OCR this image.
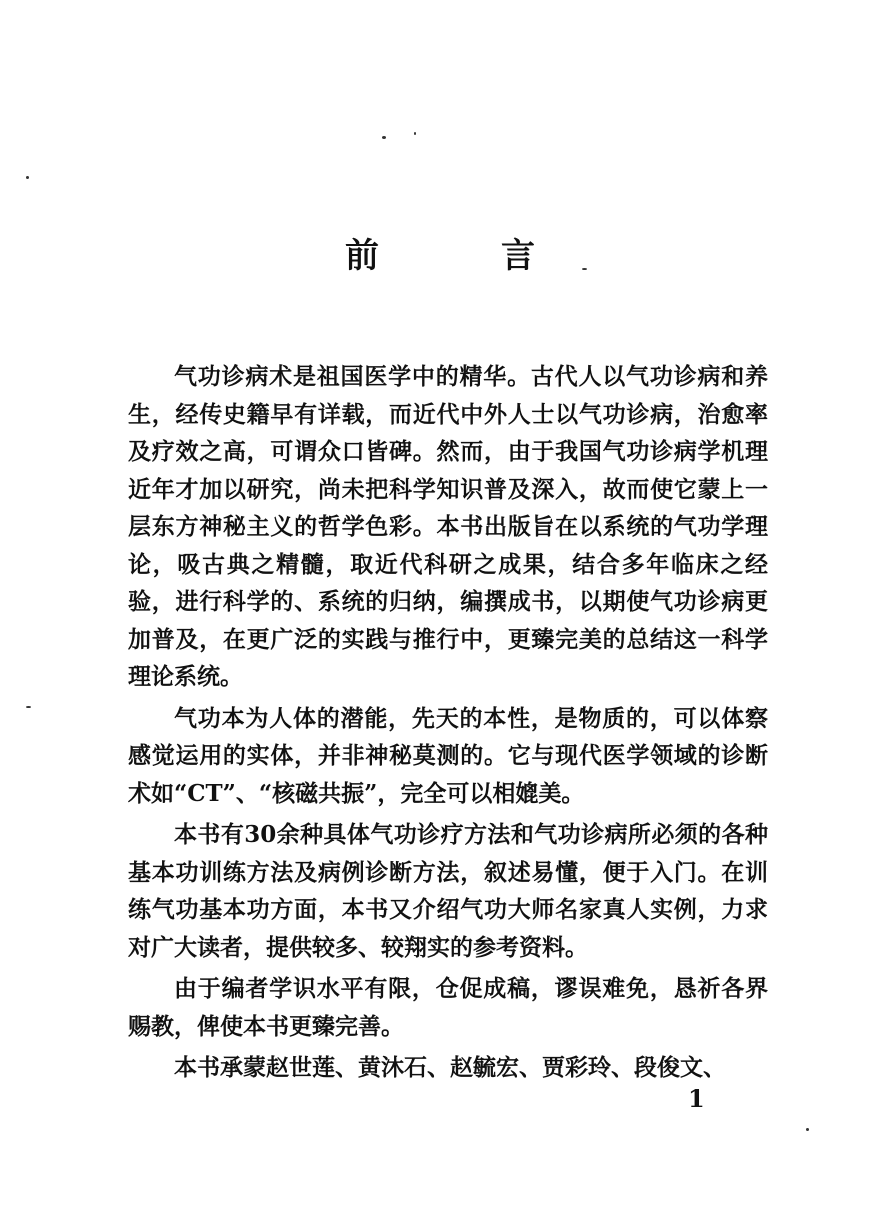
前　言

气功诊病术是祖国医学中的精华。古代人以气功诊病和养生，经传史籍早有详载，而近代中外人士以气功诊病，治愈率及疗效之高，可谓众口皆碑。然而，由于我国气功诊病学机理近年才加以研究，尚未把科学知识普及深入，故而使它蒙上一层东方神秘主义的哲学色彩。本书出版旨在以系统的气功学理论，吸古典之精髓，取近代科研之成果，结合多年临床之经验，进行科学的、系统的归纳，编撰成书，以期使气功诊病更加普及，在更广泛的实践与推行中，更臻完美的总结这一科学理论系统。

气功本为人体的潜能，先天的本性，是物质的，可以体察感觉运用的实体，并非神秘莫测的。它与现代医学领域的诊断术如“CT”、“核磁共振”，完全可以相媲美。

本书有30余种具体气功诊疗方法和气功诊病所必须的各种基本功训练方法及病例诊断方法，叙述易懂，便于入门。在训练气功基本功方面，本书又介绍气功大师名家真人实例，力求对广大读者，提供较多、较翔实的参考资料。

由于编者学识水平有限，仓促成稿，谬误难免，恳祈各界赐教，俾使本书更臻完善。

本书承蒙赵世莲、黄沐石、赵毓宏、贾彩玲、段俊文、

1
